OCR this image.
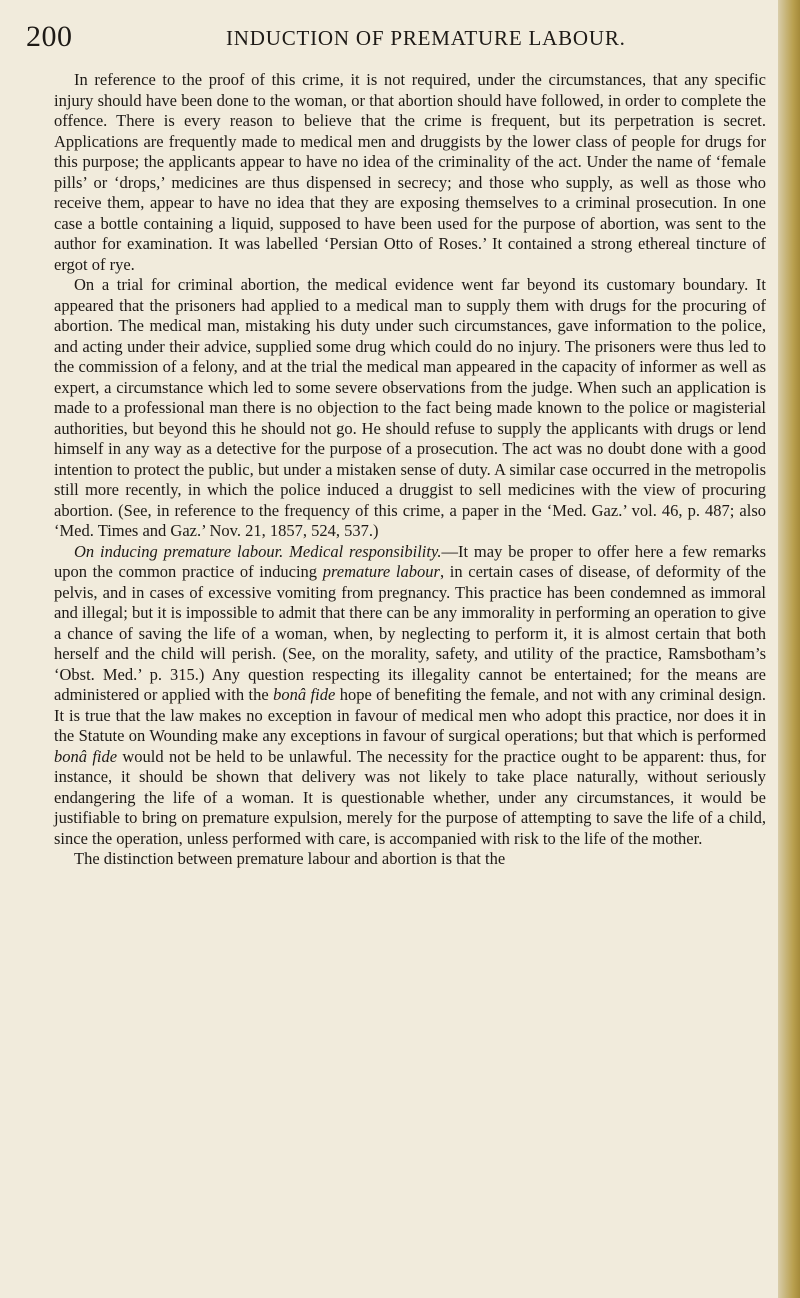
200	INDUCTION OF PREMATURE LABOUR.

In reference to the proof of this crime, it is not required, under the circumstances, that any specific injury should have been done to the woman, or that abortion should have followed, in order to complete the offence. There is every reason to believe that the crime is frequent, but its perpetration is secret. Applications are frequently made to medical men and druggists by the lower class of people for drugs for this purpose; the applicants appear to have no idea of the criminality of the act. Under the name of ‘female pills’ or ‘drops,’ medicines are thus dispensed in secrecy; and those who supply, as well as those who receive them, appear to have no idea that they are exposing themselves to a criminal prosecution. In one case a bottle containing a liquid, supposed to have been used for the purpose of abortion, was sent to the author for examination. It was labelled ‘Persian Otto of Roses.’ It contained a strong ethereal tincture of ergot of rye.

On a trial for criminal abortion, the medical evidence went far beyond its customary boundary. It appeared that the prisoners had applied to a medical man to supply them with drugs for the procuring of abortion. The medical man, mistaking his duty under such circumstances, gave information to the police, and acting under their advice, supplied some drug which could do no injury. The prisoners were thus led to the commission of a felony, and at the trial the medical man appeared in the capacity of informer as well as expert, a circumstance which led to some severe observations from the judge. When such an application is made to a professional man there is no objection to the fact being made known to the police or magisterial authorities, but beyond this he should not go. He should refuse to supply the applicants with drugs or lend himself in any way as a detective for the purpose of a prosecution. The act was no doubt done with a good intention to protect the public, but under a mistaken sense of duty. A similar case occurred in the metropolis still more recently, in which the police induced a druggist to sell medicines with the view of procuring abortion. (See, in reference to the frequency of this crime, a paper in the ‘Med. Gaz.’ vol. 46, p. 487; also ‘Med. Times and Gaz.’ Nov. 21, 1857, 524, 537.)

On inducing premature labour. Medical responsibility.—It may be proper to offer here a few remarks upon the common practice of inducing premature labour, in certain cases of disease, of deformity of the pelvis, and in cases of excessive vomiting from pregnancy. This practice has been condemned as immoral and illegal; but it is impossible to admit that there can be any immorality in performing an operation to give a chance of saving the life of a woman, when, by neglecting to perform it, it is almost certain that both herself and the child will perish. (See, on the morality, safety, and utility of the practice, Ramsbotham’s ‘Obst. Med.’ p. 315.) Any question respecting its illegality cannot be entertained; for the means are administered or applied with the bonâ fide hope of benefiting the female, and not with any criminal design. It is true that the law makes no exception in favour of medical men who adopt this practice, nor does it in the Statute on Wounding make any exceptions in favour of surgical operations; but that which is performed bonâ fide would not be held to be unlawful. The necessity for the practice ought to be apparent: thus, for instance, it should be shown that delivery was not likely to take place naturally, without seriously endangering the life of a woman. It is questionable whether, under any circumstances, it would be justifiable to bring on premature expulsion, merely for the purpose of attempting to save the life of a child, since the operation, unless performed with care, is accompanied with risk to the life of the mother.

The distinction between premature labour and abortion is that the
